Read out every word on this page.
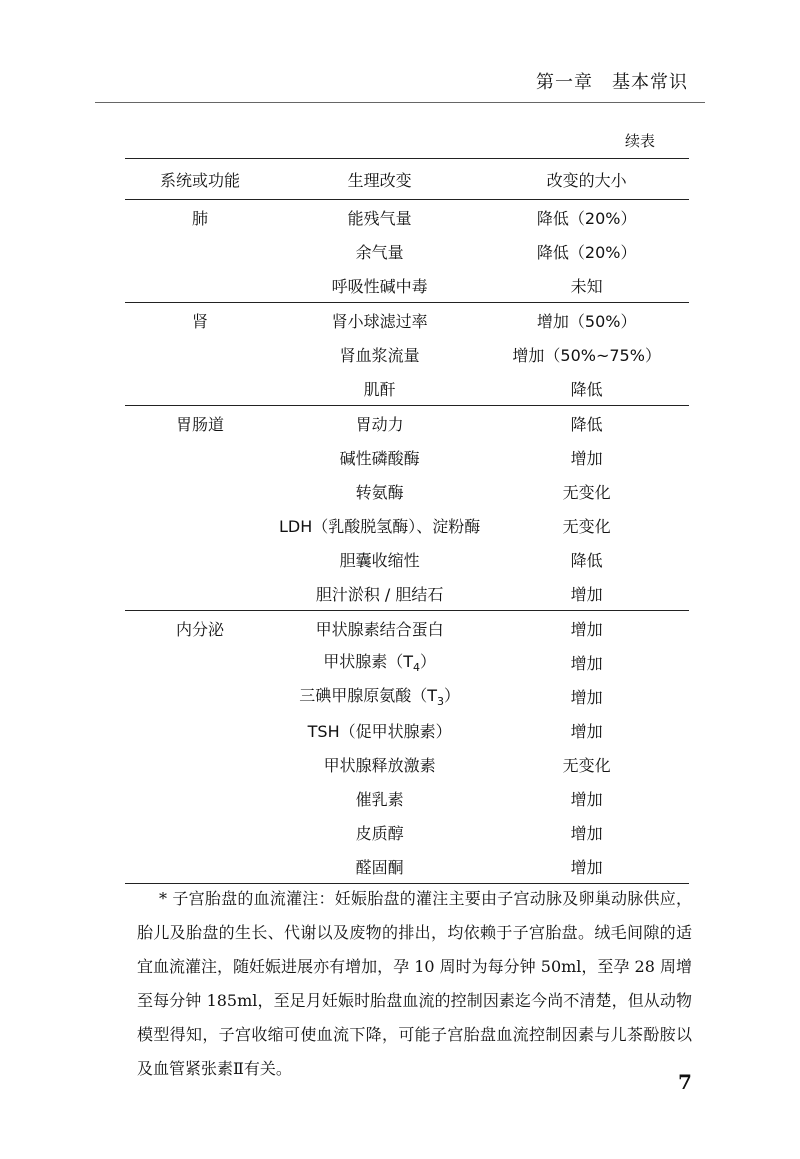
第一章　基本常识
续表
系统或功能	生理改变	改变的大小
肺	能残气量	降低（20%）
	余气量	降低（20%）
	呼吸性碱中毒	未知
肾	肾小球滤过率	增加（50%）
	肾血浆流量	增加（50%~75%）
	肌酐	降低
胃肠道	胃动力	降低
	碱性磷酸酶	增加
	转氨酶	无变化
	LDH（乳酸脱氢酶）、淀粉酶	无变化
	胆囊收缩性	降低
	胆汁淤积 / 胆结石	增加
内分泌	甲状腺素结合蛋白	增加
	甲状腺素$(T_4)$	增加
	三碘甲腺原氨酸$(T_3)$	增加
	TSH（促甲状腺素）	增加
	甲状腺释放激素	无变化
	催乳素	增加
	皮质醇	增加
	醛固酮	增加

* 子宫胎盘的血流灌注：妊娠胎盘的灌注主要由子宫动脉及卵巢动脉供应，胎儿及胎盘的生长、代谢以及废物的排出，均依赖于子宫胎盘。绒毛间隙的适宜血流灌注，随妊娠进展亦有增加，孕 10 周时为每分钟 50ml，至孕 28 周增至每分钟 185ml，至足月妊娠时胎盘血流的控制因素迄今尚不清楚，但从动物模型得知，子宫收缩可使血流下降，可能子宫胎盘血流控制因素与儿茶酚胺以及血管紧张素Ⅱ有关。

7
